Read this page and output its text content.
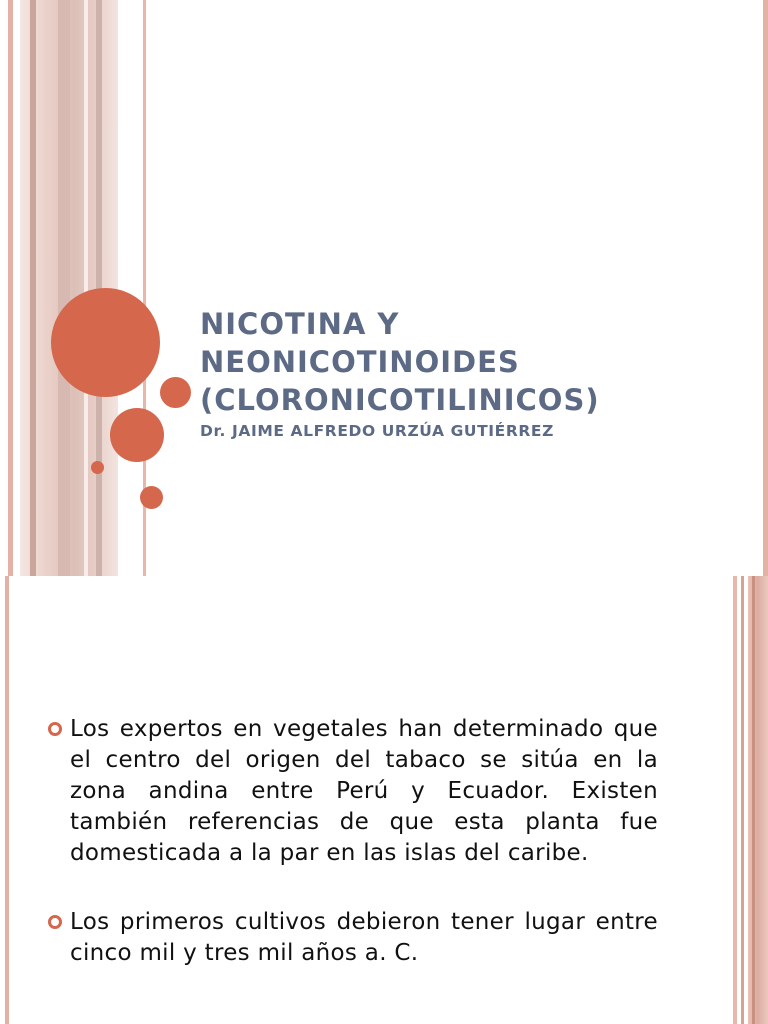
NICOTINA Y
NEONICOTINOIDES
(CLORONICOTILINICOS)

Dr. JAIME ALFREDO URZÚA GUTIÉRREZ

Los expertos en vegetales han determinado que el centro del origen del tabaco se sitúa en la zona andina entre Perú y Ecuador. Existen también referencias de que esta planta fue domesticada a la par en las islas del caribe.
Los primeros cultivos debieron tener lugar entre cinco mil y tres mil años a. C.
